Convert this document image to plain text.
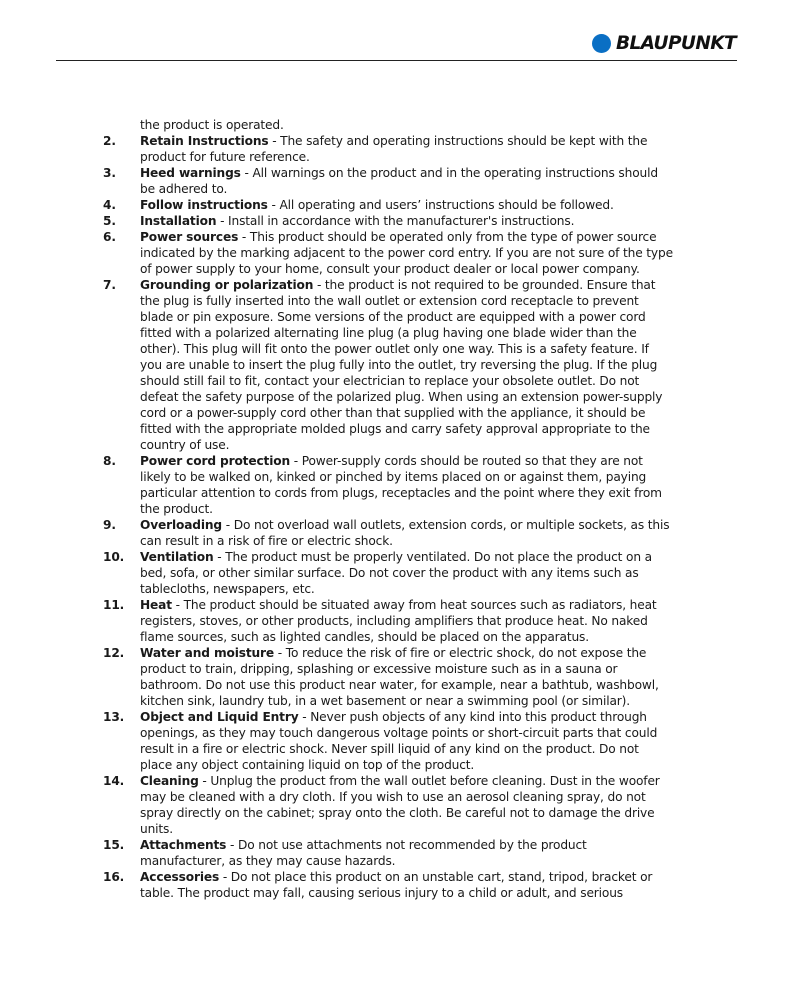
BLAUPUNKT
the product is operated.
2.	Retain Instructions - The safety and operating instructions should be kept with the product for future reference.
3.	Heed warnings - All warnings on the product and in the operating instructions should be adhered to.
4.	Follow instructions - All operating and users’ instructions should be followed.
5.	Installation - Install in accordance with the manufacturer's instructions.
6.	Power sources - This product should be operated only from the type of power source indicated by the marking adjacent to the power cord entry. If you are not sure of the type of power supply to your home, consult your product dealer or local power company.
7.	Grounding or polarization - the product is not required to be grounded. Ensure that the plug is fully inserted into the wall outlet or extension cord receptacle to prevent blade or pin exposure. Some versions of the product are equipped with a power cord fitted with a polarized alternating line plug (a plug having one blade wider than the other). This plug will fit onto the power outlet only one way. This is a safety feature. If you are unable to insert the plug fully into the outlet, try reversing the plug. If the plug should still fail to fit, contact your electrician to replace your obsolete outlet. Do not defeat the safety purpose of the polarized plug. When using an extension power-supply cord or a power-supply cord other than that supplied with the appliance, it should be fitted with the appropriate molded plugs and carry safety approval appropriate to the country of use.
8.	Power cord protection - Power-supply cords should be routed so that they are not likely to be walked on, kinked or pinched by items placed on or against them, paying particular attention to cords from plugs, receptacles and the point where they exit from the product.
9.	Overloading - Do not overload wall outlets, extension cords, or multiple sockets, as this can result in a risk of fire or electric shock.
10.	Ventilation - The product must be properly ventilated. Do not place the product on a bed, sofa, or other similar surface. Do not cover the product with any items such as tablecloths, newspapers, etc.
11.	Heat - The product should be situated away from heat sources such as radiators, heat registers, stoves, or other products, including amplifiers that produce heat. No naked flame sources, such as lighted candles, should be placed on the apparatus.
12.	Water and moisture - To reduce the risk of fire or electric shock, do not expose the product to train, dripping, splashing or excessive moisture such as in a sauna or bathroom. Do not use this product near water, for example, near a bathtub, washbowl, kitchen sink, laundry tub, in a wet basement or near a swimming pool (or similar).
13.	Object and Liquid Entry - Never push objects of any kind into this product through openings, as they may touch dangerous voltage points or short-circuit parts that could result in a fire or electric shock. Never spill liquid of any kind on the product. Do not place any object containing liquid on top of the product.
14.	Cleaning - Unplug the product from the wall outlet before cleaning. Dust in the woofer may be cleaned with a dry cloth. If you wish to use an aerosol cleaning spray, do not spray directly on the cabinet; spray onto the cloth. Be careful not to damage the drive units.
15.	Attachments - Do not use attachments not recommended by the product manufacturer, as they may cause hazards.
16.	Accessories - Do not place this product on an unstable cart, stand, tripod, bracket or table. The product may fall, causing serious injury to a child or adult, and serious
